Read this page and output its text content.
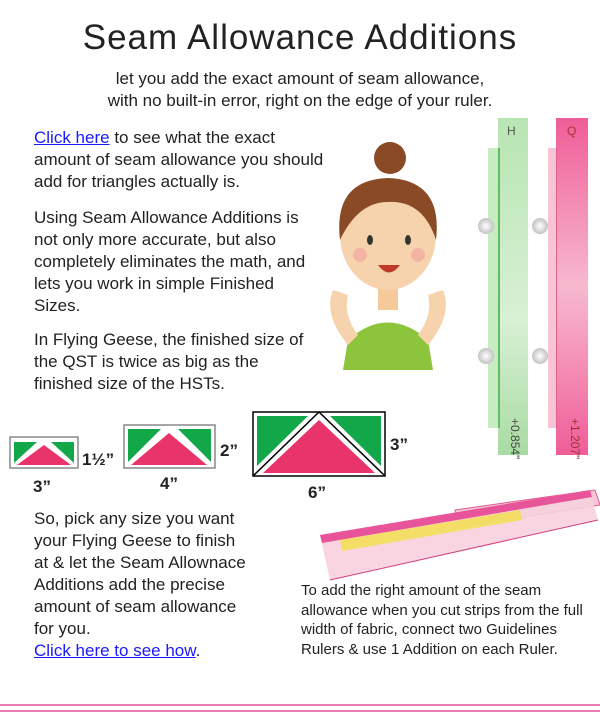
Seam Allowance Additions
let you add the exact amount of seam allowance,
with no built-in error, right on the edge of your ruler.
Click here to see what the exact amount of seam allowance you should add for triangles actually is.
Using Seam Allowance Additions is not only more accurate, but also completely eliminates the math, and lets you work in simple Finished Sizes.
In Flying Geese, the finished size of the QST is twice as big as the finished size of the HSTs.
H
+0.854"
Q
+1.207"
1½”
3”
2”
4”
3”
6”
So, pick any size you want your Flying Geese to finish at & let the Seam Allownace Additions add the precise amount of seam allowance for you.
Click here to see how.
To add the right amount of the seam allowance when you cut strips from the full width of fabric, connect two Guidelines Rulers & use 1 Addition on each Ruler.
